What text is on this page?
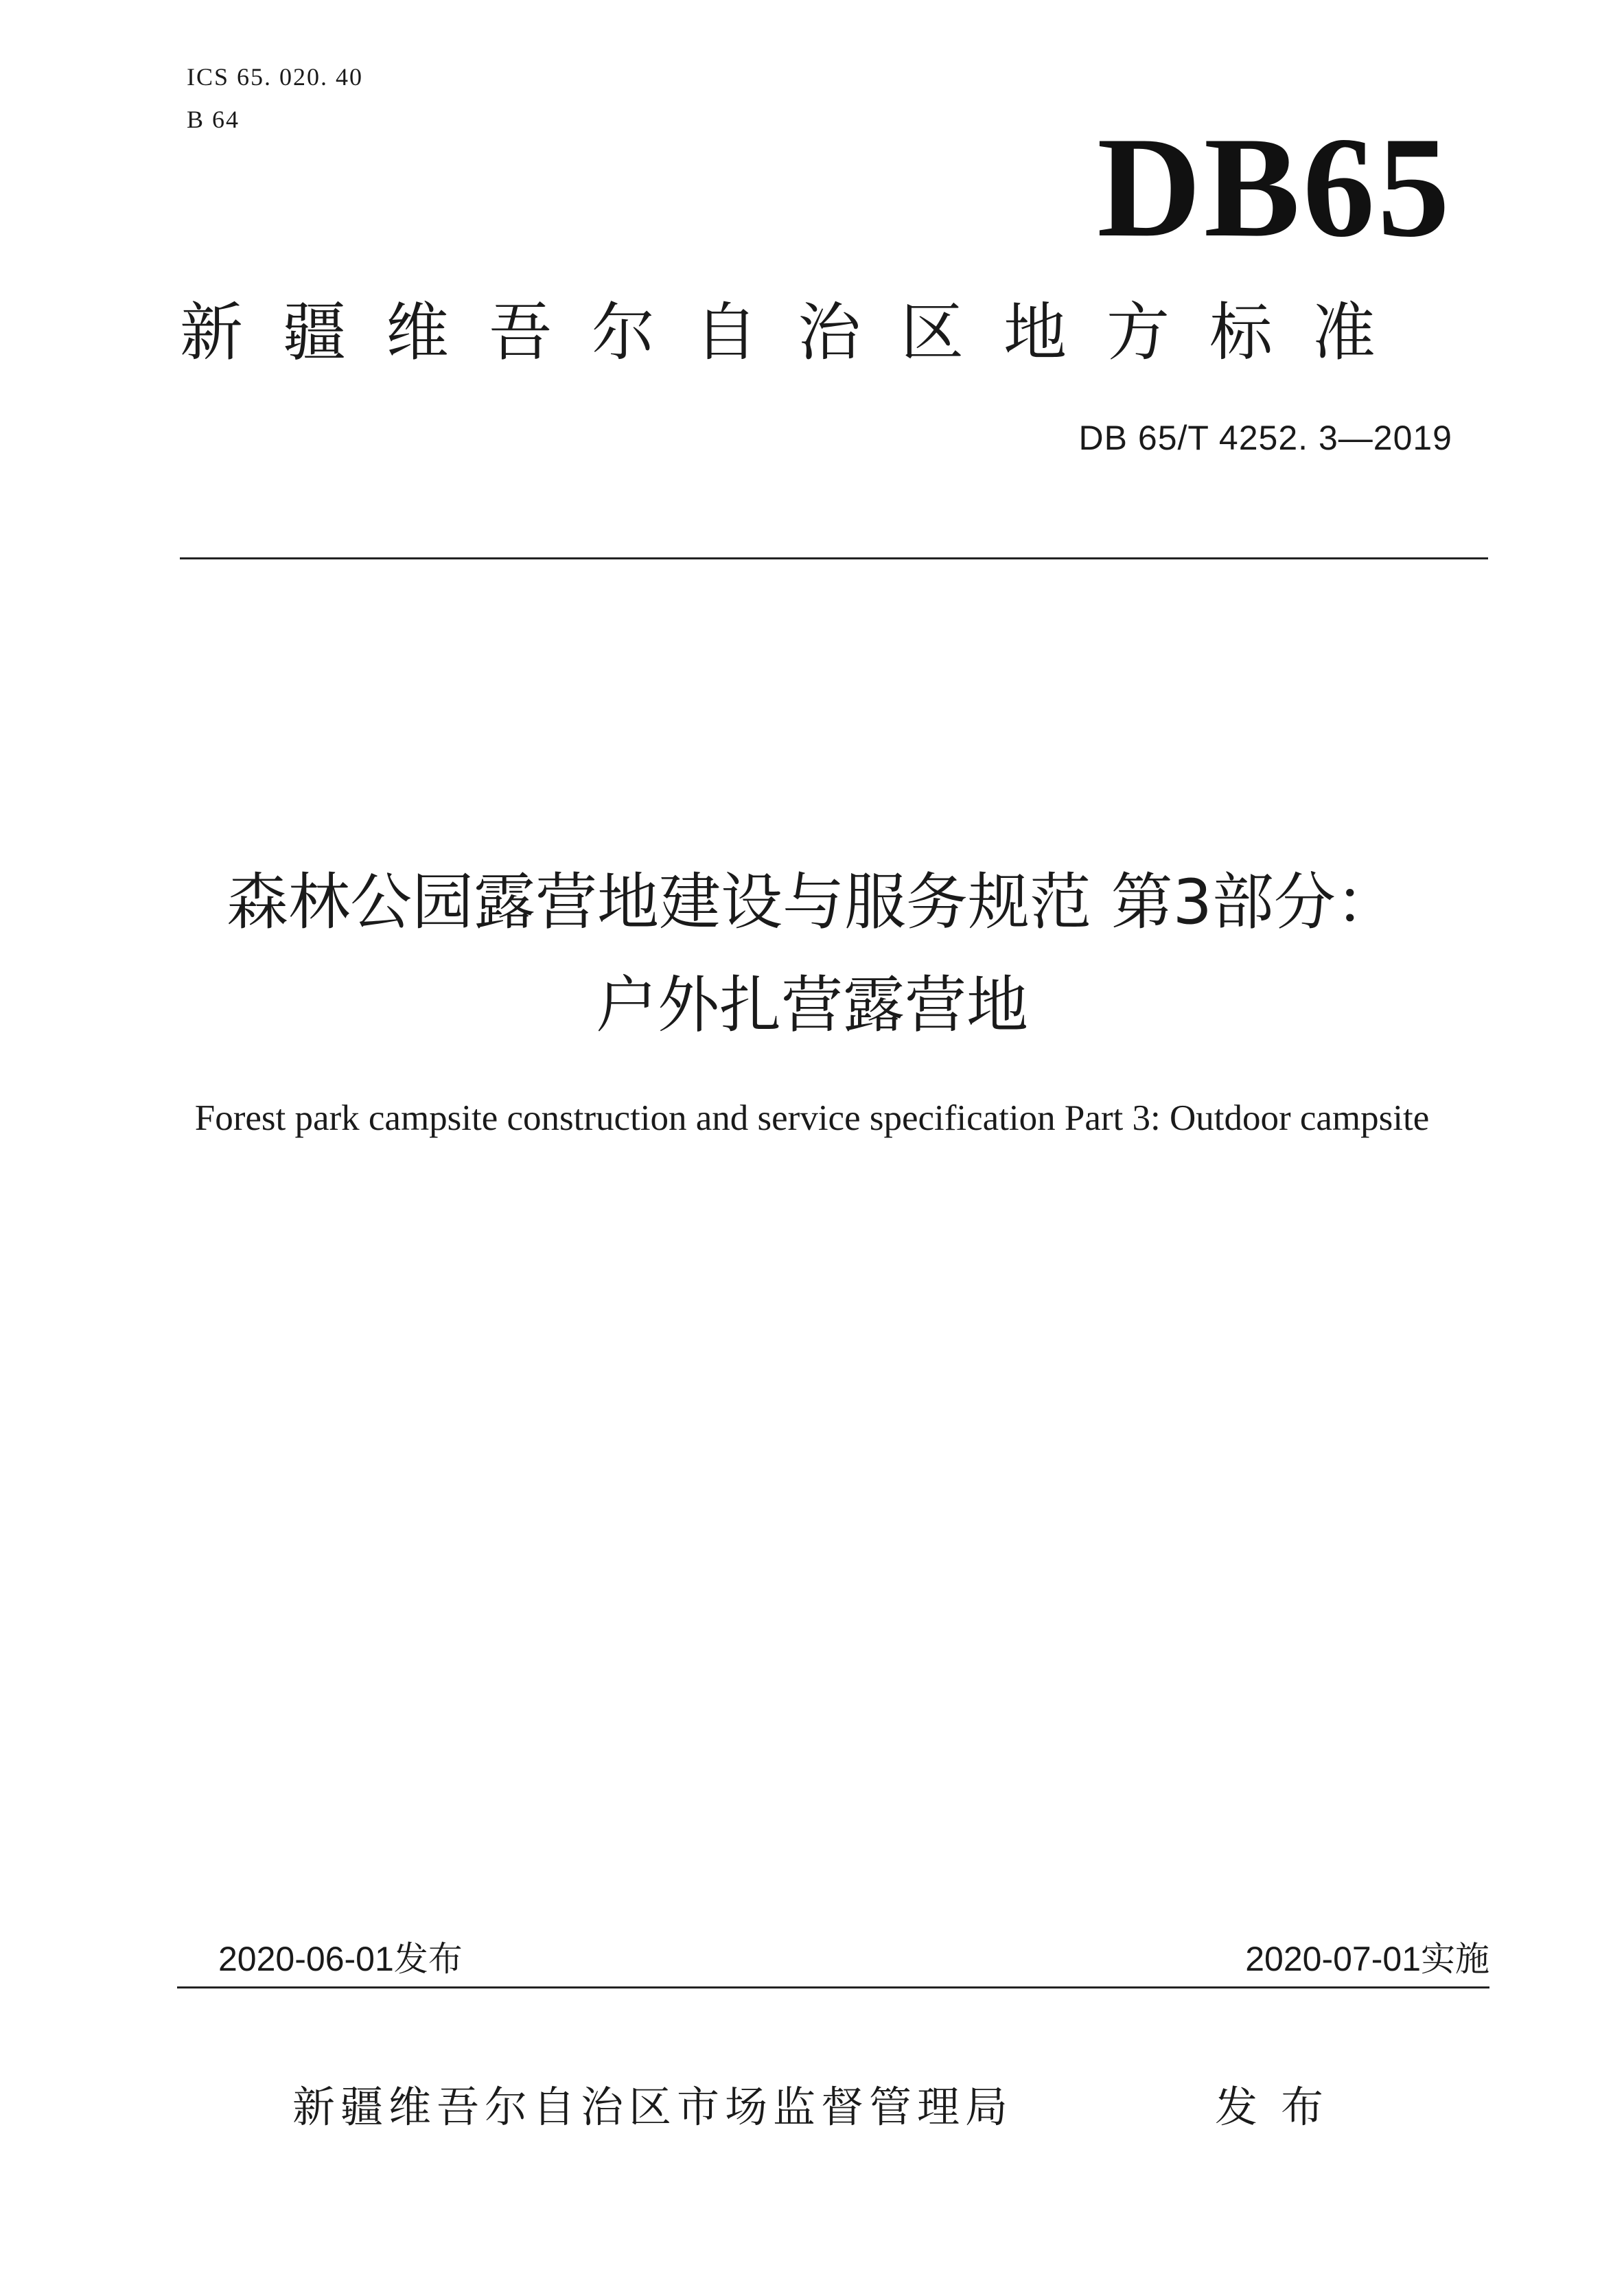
ICS 65. 020. 40
B 64	DB65
新疆维吾尔自治区地方标准
DB 65/T 4252. 3—2019
森林公园露营地建设与服务规范 第3部分：
户外扎营露营地
Forest park campsite construction and service specification Part 3: Outdoor campsite
2020-06-01发布	2020-07-01实施
新疆维吾尔自治区市场监督管理局	发布
